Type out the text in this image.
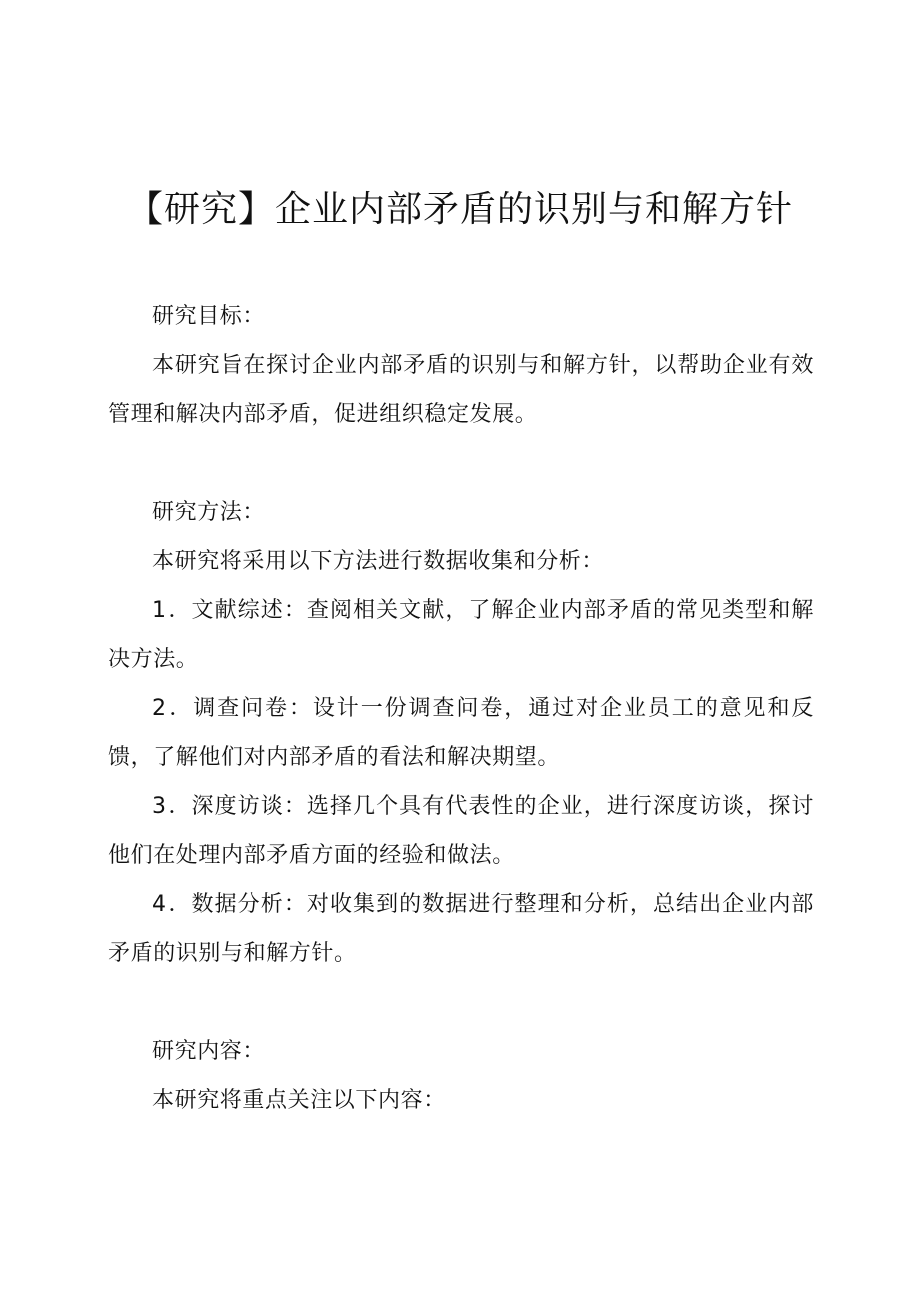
【研究】企业内部矛盾的识别与和解方针

研究目标：

本研究旨在探讨企业内部矛盾的识别与和解方针，以帮助企业有效管理和解决内部矛盾，促进组织稳定发展。

研究方法：

本研究将采用以下方法进行数据收集和分析：

1．文献综述：查阅相关文献，了解企业内部矛盾的常见类型和解决方法。

2．调查问卷：设计一份调查问卷，通过对企业员工的意见和反馈，了解他们对内部矛盾的看法和解决期望。

3．深度访谈：选择几个具有代表性的企业，进行深度访谈，探讨他们在处理内部矛盾方面的经验和做法。

4．数据分析：对收集到的数据进行整理和分析，总结出企业内部矛盾的识别与和解方针。

研究内容：

本研究将重点关注以下内容：
